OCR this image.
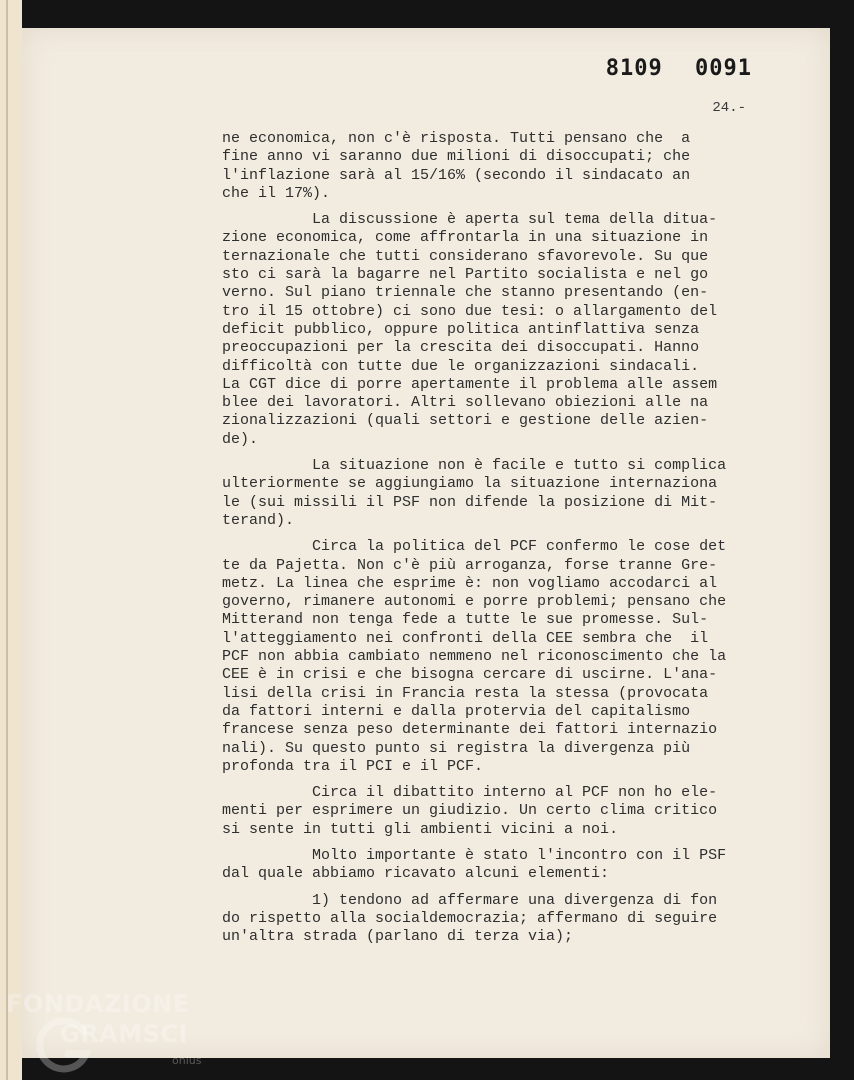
8109 0091
24.-
ne economica, non c'è risposta. Tutti pensano che  a
fine anno vi saranno due milioni di disoccupati; che
l'inflazione sarà al 15/16% (secondo il sindacato an
che il 17%).
La discussione è aperta sul tema della ditua-
zione economica, come affrontarla in una situazione in
ternazionale che tutti considerano sfavorevole. Su que
sto ci sarà la bagarre nel Partito socialista e nel go
verno. Sul piano triennale che stanno presentando (en-
tro il 15 ottobre) ci sono due tesi: o allargamento del
deficit pubblico, oppure politica antinflattiva senza
preoccupazioni per la crescita dei disoccupati. Hanno
difficoltà con tutte due le organizzazioni sindacali.
La CGT dice di porre apertamente il problema alle assem
blee dei lavoratori. Altri sollevano obiezioni alle na
zionalizzazioni (quali settori e gestione delle azien-
de).
La situazione non è facile e tutto si complica
ulteriormente se aggiungiamo la situazione internaziona
le (sui missili il PSF non difende la posizione di Mit-
terand).
Circa la politica del PCF confermo le cose det
te da Pajetta. Non c'è più arroganza, forse tranne Gre-
metz. La linea che esprime è: non vogliamo accodarci al
governo, rimanere autonomi e porre problemi; pensano che
Mitterand non tenga fede a tutte le sue promesse. Sul-
l'atteggiamento nei confronti della CEE sembra che  il
PCF non abbia cambiato nemmeno nel riconoscimento che la
CEE è in crisi e che bisogna cercare di uscirne. L'ana-
lisi della crisi in Francia resta la stessa (provocata
da fattori interni e dalla protervia del capitalismo
francese senza peso determinante dei fattori internazio
nali). Su questo punto si registra la divergenza più
profonda tra il PCI e il PCF.
Circa il dibattito interno al PCF non ho ele-
menti per esprimere un giudizio. Un certo clima critico
si sente in tutti gli ambienti vicini a noi.
Molto importante è stato l'incontro con il PSF
dal quale abbiamo ricavato alcuni elementi:
1) tendono ad affermare una divergenza di fon
do rispetto alla socialdemocrazia; affermano di seguire
un'altra strada (parlano di terza via);
FONDAZIONE
GRAMSCI
onlus
